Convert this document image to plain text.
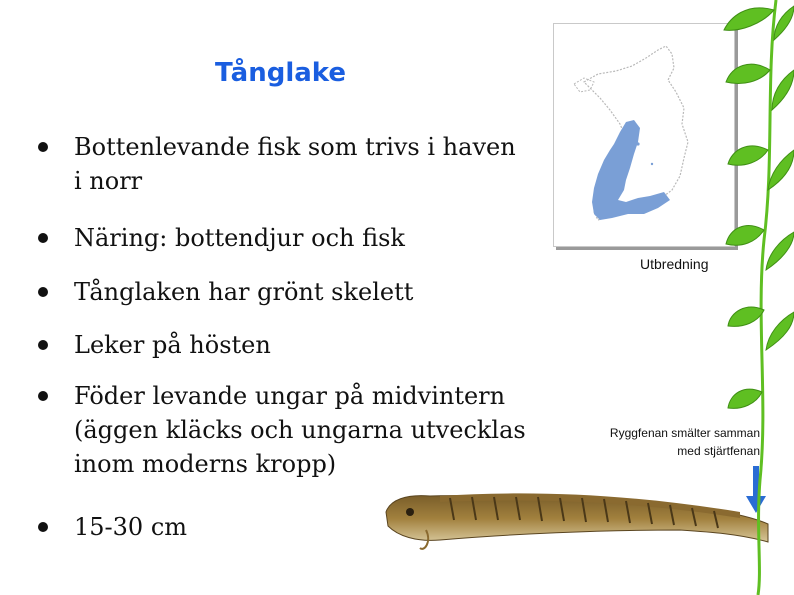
Tånglake
Bottenlevande fisk som trivs i haven i norr
Näring: bottendjur och fisk
Tånglaken har grönt skelett
Leker på hösten
Föder levande ungar på midvintern (äggen kläcks och ungarna utvecklas inom moderns kropp)
15-30 cm
Utbredning
Ryggfenan smälter samman
med stjärtfenan
